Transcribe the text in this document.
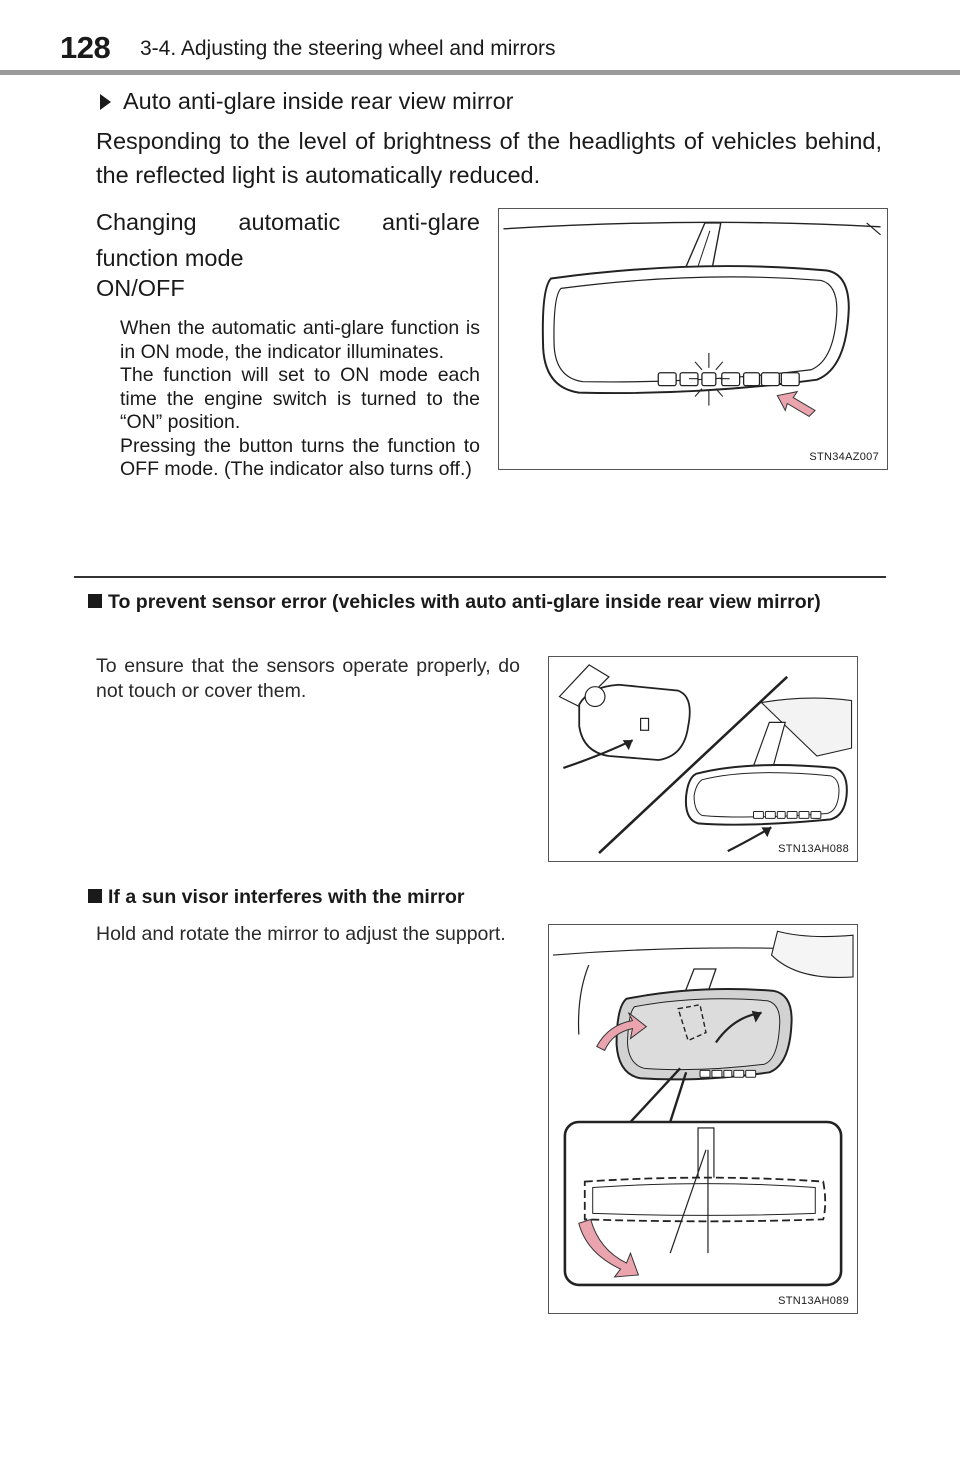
128 3-4. Adjusting the steering wheel and mirrors
Auto anti-glare inside rear view mirror
Responding to the level of brightness of the headlights of vehicles behind, the reflected light is automatically reduced.
Changing automatic anti-glare function mode
ON/OFF

When the automatic anti-glare function is in ON mode, the indicator illuminates.

The function will set to ON mode each time the engine switch is turned to the “ON” position.

Pressing the button turns the function to OFF mode. (The indicator also turns off.)

STN34AZ007
To prevent sensor error (vehicles with auto anti-glare inside rear view mirror)
To ensure that the sensors operate properly, do not touch or cover them.
STN13AH088
If a sun visor interferes with the mirror
Hold and rotate the mirror to adjust the support.
STN13AH089
